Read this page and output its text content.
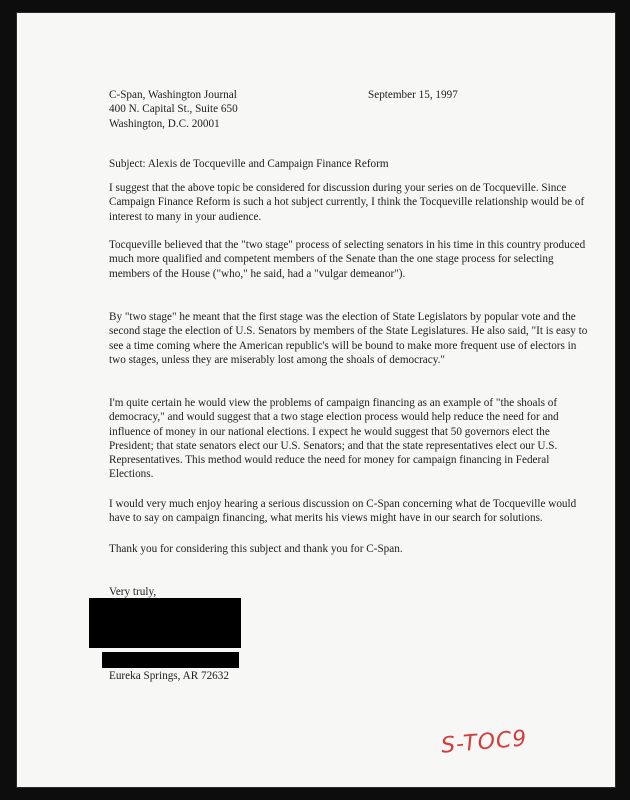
C-Span, Washington Journal
400 N. Capital St., Suite 650
Washington, D.C. 20001
September 15, 1997
Subject: Alexis de Tocqueville and Campaign Finance Reform
I suggest that the above topic be considered for discussion during your series on de Tocqueville. Since Campaign Finance Reform is such a hot subject currently, I think the Tocqueville relationship would be of interest to many in your audience.
Tocqueville believed that the "two stage" process of selecting senators in his time in this country produced much more qualified and competent members of the Senate than the one stage process for selecting members of the House ("who," he said, had a "vulgar demeanor").
By "two stage" he meant that the first stage was the election of State Legislators by popular vote and the second stage the election of U.S. Senators by members of the State Legislatures. He also said, "It is easy to see a time coming where the American republic's will be bound to make more frequent use of electors in two stages, unless they are miserably lost among the shoals of democracy."
I'm quite certain he would view the problems of campaign financing as an example of "the shoals of democracy," and would suggest that a two stage election process would help reduce the need for and influence of money in our national elections. I expect he would suggest that 50 governors elect the President; that state senators elect our U.S. Senators; and that the state representatives elect our U.S. Representatives. This method would reduce the need for money for campaign financing in Federal Elections.
I would very much enjoy hearing a serious discussion on C-Span concerning what de Tocqueville would have to say on campaign financing, what merits his views might have in our search for solutions.
Thank you for considering this subject and thank you for C-Span.
Very truly,
Eureka Springs, AR 72632
S-TOC9
